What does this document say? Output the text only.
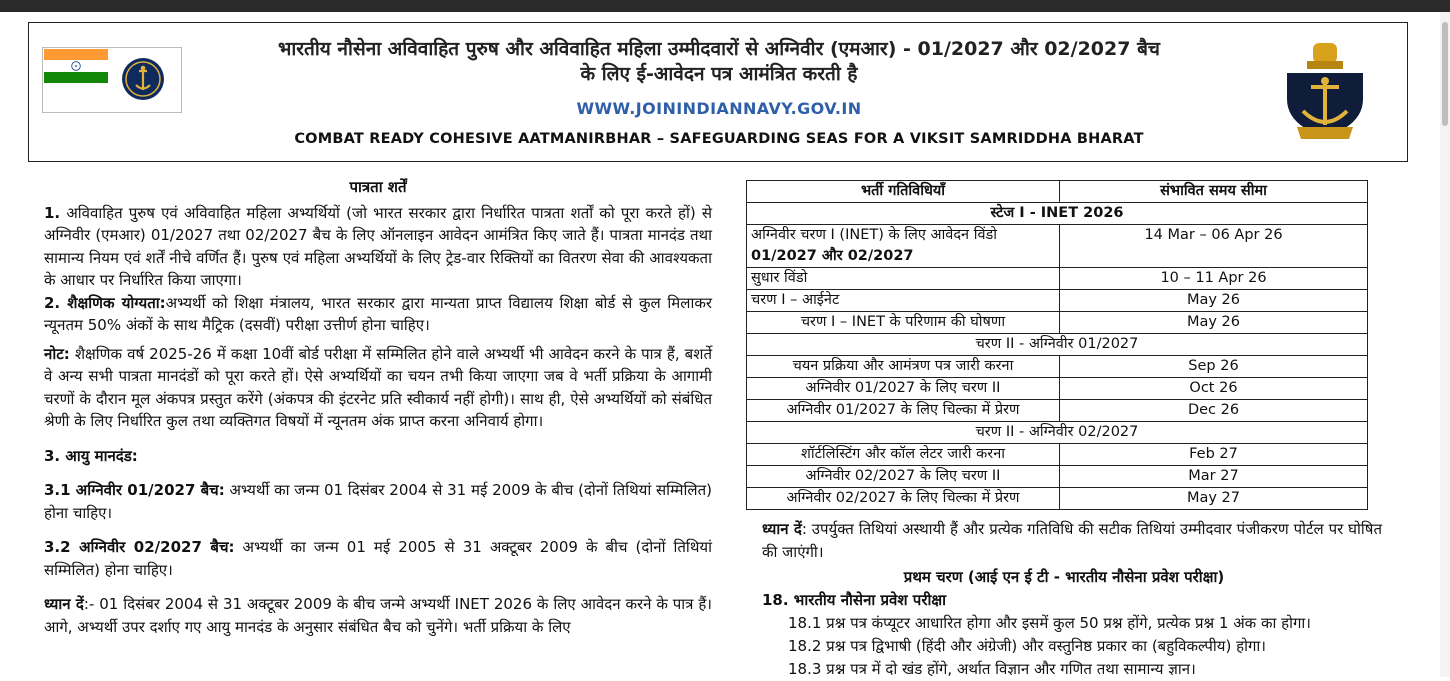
भारतीय नौसेना अविवाहित पुरुष और अविवाहित महिला उम्मीदवारों से अग्निवीर (एमआर) - 01/2027 और 02/2027 बैच
के लिए ई-आवेदन पत्र आमंत्रित करती है
WWW.JOININDIANNAVY.GOV.IN
COMBAT READY COHESIVE AATMANIRBHAR – SAFEGUARDING SEAS FOR A VIKSIT SAMRIDDHA BHARAT
पात्रता शर्तें

1. अविवाहित पुरुष एवं अविवाहित महिला अभ्यर्थियों (जो भारत सरकार द्वारा निर्धारित पात्रता शर्तों को पूरा करते हों) से अग्निवीर (एमआर) 01/2027 तथा 02/2027 बैच के लिए ऑनलाइन आवेदन आमंत्रित किए जाते हैं। पात्रता मानदंड तथा सामान्य नियम एवं शर्तें नीचे वर्णित हैं। पुरुष एवं महिला अभ्यर्थियों के लिए ट्रेड-वार रिक्तियों का वितरण सेवा की आवश्यकता के आधार पर निर्धारित किया जाएगा।

2. शैक्षणिक योग्यता:अभ्यर्थी को शिक्षा मंत्रालय, भारत सरकार द्वारा मान्यता प्राप्त विद्यालय शिक्षा बोर्ड से कुल मिलाकर न्यूनतम 50% अंकों के साथ मैट्रिक (दसवीं) परीक्षा उत्तीर्ण होना चाहिए।

नोट: शैक्षणिक वर्ष 2025-26 में कक्षा 10वीं बोर्ड परीक्षा में सम्मिलित होने वाले अभ्यर्थी भी आवेदन करने के पात्र हैं, बशर्ते वे अन्य सभी पात्रता मानदंडों को पूरा करते हों। ऐसे अभ्यर्थियों का चयन तभी किया जाएगा जब वे भर्ती प्रक्रिया के आगामी चरणों के दौरान मूल अंकपत्र प्रस्तुत करेंगे (अंकपत्र की इंटरनेट प्रति स्वीकार्य नहीं होगी)। साथ ही, ऐसे अभ्यर्थियों को संबंधित श्रेणी के लिए निर्धारित कुल तथा व्यक्तिगत विषयों में न्यूनतम अंक प्राप्त करना अनिवार्य होगा।

3. आयु मानदंड:

3.1 अग्निवीर 01/2027 बैच: अभ्यर्थी का जन्म 01 दिसंबर 2004 से 31 मई 2009 के बीच (दोनों तिथियां सम्मिलित) होना चाहिए।

3.2 अग्निवीर 02/2027 बैच: अभ्यर्थी का जन्म 01 मई 2005 से 31 अक्टूबर 2009 के बीच (दोनों तिथियां सम्मिलित) होना चाहिए।

ध्यान दें:- 01 दिसंबर 2004 से 31 अक्टूबर 2009 के बीच जन्मे अभ्यर्थी INET 2026 के लिए आवेदन करने के पात्र हैं। आगे, अभ्यर्थी उपर दर्शाए गए आयु मानदंड के अनुसार संबंधित बैच को चुनेंगे। भर्ती प्रक्रिया के लिए

भर्ती गतिविधियाँ	संभावित समय सीमा
स्टेज I - INET 2026	
अग्निवीर चरण I (INET) के लिए आवेदन विंडो
01/2027 और 02/2027	14 Mar – 06 Apr 26
सुधार विंडो	10 – 11 Apr 26
चरण I – आईनेट	May 26
चरण I – INET के परिणाम की घोषणा	May 26
चरण II - अग्निवीर 01/2027	
चयन प्रक्रिया और आमंत्रण पत्र जारी करना	Sep 26
अग्निवीर 01/2027 के लिए चरण II	Oct 26
अग्निवीर 01/2027 के लिए चिल्का में प्रेरण	Dec 26
चरण II - अग्निवीर 02/2027	
शॉर्टलिस्टिंग और कॉल लेटर जारी करना	Feb 27
अग्निवीर 02/2027 के लिए चरण II	Mar 27
अग्निवीर 02/2027 के लिए चिल्का में प्रेरण	May 27

ध्यान दें: उपर्युक्त तिथियां अस्थायी हैं और प्रत्येक गतिविधि की सटीक तिथियां उम्मीदवार पंजीकरण पोर्टल पर घोषित की जाएंगी।

प्रथम चरण (आई एन ई टी - भारतीय नौसेना प्रवेश परीक्षा)

18. भारतीय नौसेना प्रवेश परीक्षा

18.1 प्रश्न पत्र कंप्यूटर आधारित होगा और इसमें कुल 50 प्रश्न होंगे, प्रत्येक प्रश्न 1 अंक का होगा।

18.2 प्रश्न पत्र द्विभाषी (हिंदी और अंग्रेजी) और वस्तुनिष्ठ प्रकार का (बहुविकल्पीय) होगा।

18.3 प्रश्न पत्र में दो खंड होंगे, अर्थात विज्ञान और गणित तथा सामान्य ज्ञान।
